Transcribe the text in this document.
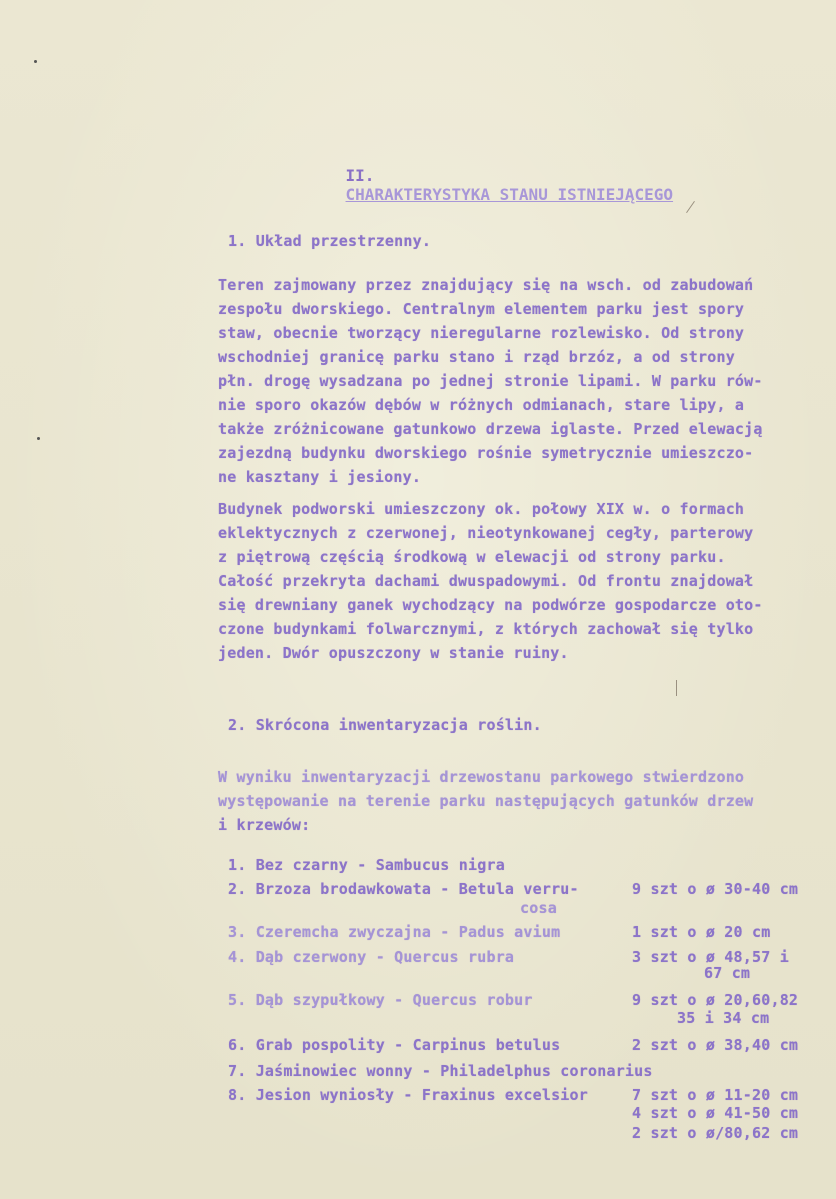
II.
CHARAKTERYSTYKA STANU ISTNIEJĄCEGO

1. Układ przestrzenny.
Teren zajmowany przez znajdujący się na wsch. od zabudowań
zespołu dworskiego. Centralnym elementem parku jest spory
staw, obecnie tworzący nieregularne rozlewisko. Od strony
wschodniej granicę parku stano i rząd brzóz, a od strony
płn. drogę wysadzana po jednej stronie lipami. W parku rów-
nie sporo okazów dębów w różnych odmianach, stare lipy, a
także zróżnicowane gatunkowo drzewa iglaste. Przed elewacją
zajezdną budynku dworskiego rośnie symetrycznie umieszczo-
ne kasztany i jesiony.
Budynek podworski umieszczony ok. połowy XIX w. o formach
eklektycznych z czerwonej, nieotynkowanej cegły, parterowy
z piętrową częścią środkową w elewacji od strony parku.
Całość przekryta dachami dwuspadowymi. Od frontu znajdował
się drewniany ganek wychodzący na podwórze gospodarcze oto-
czone budynkami folwarcznymi, z których zachował się tylko
jeden. Dwór opuszczony w stanie ruiny.
2. Skrócona inwentaryzacja roślin.
W wyniku inwentaryzacji drzewostanu parkowego stwierdzono
występowanie na terenie parku następujących gatunków drzew
i krzewów:
1. Bez czarny - Sambucus nigra
2. Brzoza brodawkowata - Betula verru-
cosa
9 szt o ø 30-40 cm
3. Czeremcha zwyczajna - Padus avium	1 szt o ø 20 cm
4. Dąb czerwony - Quercus rubra	3 szt o ø 48,57 i
67 cm
5. Dąb szypułkowy - Quercus robur	9 szt o ø 20,60,82
35 i 34 cm
6. Grab pospolity - Carpinus betulus	2 szt o ø 38,40 cm
7. Jaśminowiec wonny - Philadelphus coronarius
8. Jesion wyniosły - Fraxinus excelsior	7 szt o ø 11-20 cm
4 szt o ø 41-50 cm
2 szt o ø/80,62 cm
